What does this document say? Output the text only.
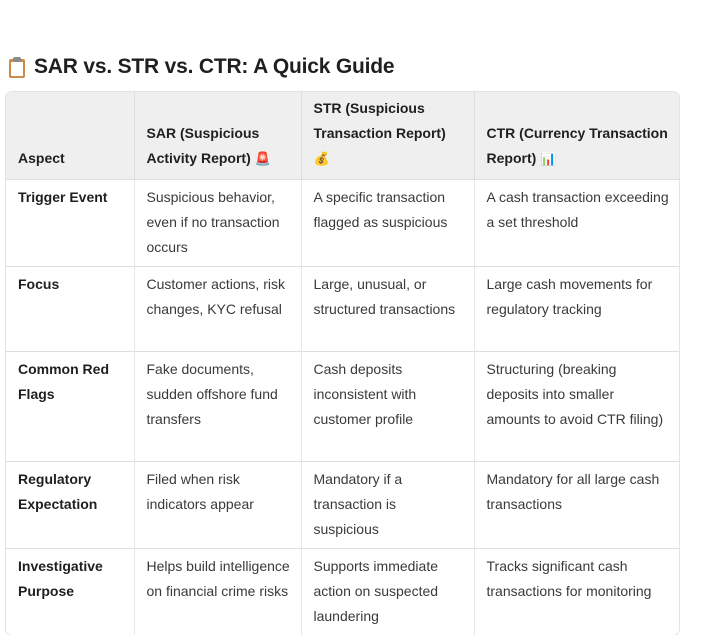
SAR vs. STR vs. CTR: A Quick Guide
Aspect	SAR (Suspicious Activity Report) 🚨	STR (Suspicious Transaction Report) 💰	CTR (Currency Transaction Report) 📊
Trigger Event	Suspicious behavior, even if no transaction occurs	A specific transaction flagged as suspicious	A cash transaction exceeding a set threshold
Focus	Customer actions, risk changes, KYC refusal	Large, unusual, or structured transactions	Large cash movements for regulatory tracking
Common Red Flags	Fake documents, sudden offshore fund transfers	Cash deposits inconsistent with customer profile	Structuring (breaking deposits into smaller amounts to avoid CTR filing)
Regulatory Expectation	Filed when risk indicators appear	Mandatory if a transaction is suspicious	Mandatory for all large cash transactions
Investigative Purpose	Helps build intelligence on financial crime risks	Supports immediate action on suspected laundering	Tracks significant cash transactions for monitoring
